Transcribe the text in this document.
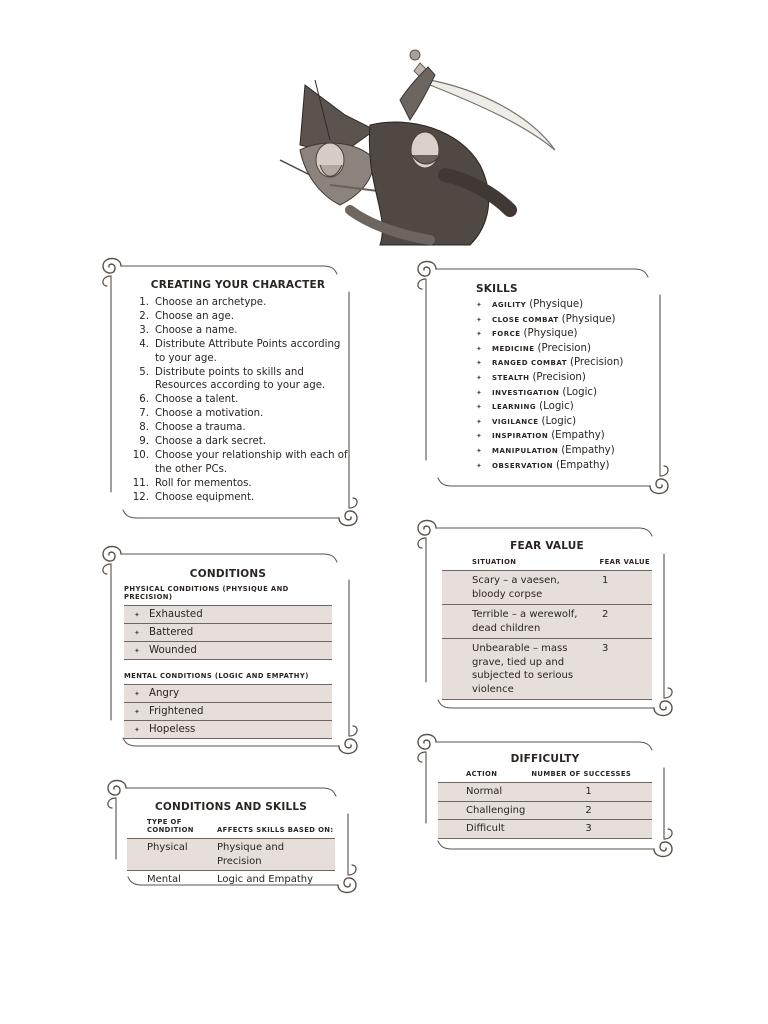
CREATING YOUR CHARACTER
1. Choose an archetype.
2. Choose an age.
3. Choose a name.
4. Distribute Attribute Points according to your age.
5. Distribute points to skills and Resources according to your age.
6. Choose a talent.
7. Choose a motivation.
8. Choose a trauma.
9. Choose a dark secret.
10. Choose your relationship with each of the other PCs.
11. Roll for mementos.
12. Choose equipment.
SKILLS
✦	AGILITY (Physique)
✦	CLOSE COMBAT (Physique)
✦	FORCE (Physique)
✦	MEDICINE (Precision)
✦	RANGED COMBAT (Precision)
✦	STEALTH (Precision)
✦	INVESTIGATION (Logic)
✦	LEARNING (Logic)
✦	VIGILANCE (Logic)
✦	INSPIRATION (Empathy)
✦	MANIPULATION (Empathy)
✦	OBSERVATION (Empathy)
CONDITIONS
PHYSICAL CONDITIONS (PHYSIQUE AND PRECISION)
✦ Exhausted
✦ Battered
✦ Wounded
MENTAL CONDITIONS (LOGIC AND EMPATHY)
✦ Angry
✦ Frightened
✦ Hopeless
FEAR VALUE
SITUATION	FEAR VALUE
Scary – a vaesen, bloody corpse	1
Terrible – a werewolf, dead children	2
Unbearable – mass grave, tied up and subjected to serious violence	3
CONDITIONS AND SKILLS
TYPE OF CONDITION	AFFECTS SKILLS BASED ON:
Physical	Physique and Precision
Mental	Logic and Empathy
DIFFICULTY
ACTION	NUMBER OF SUCCESSES
Normal	1
Challenging	2
Difficult	3
